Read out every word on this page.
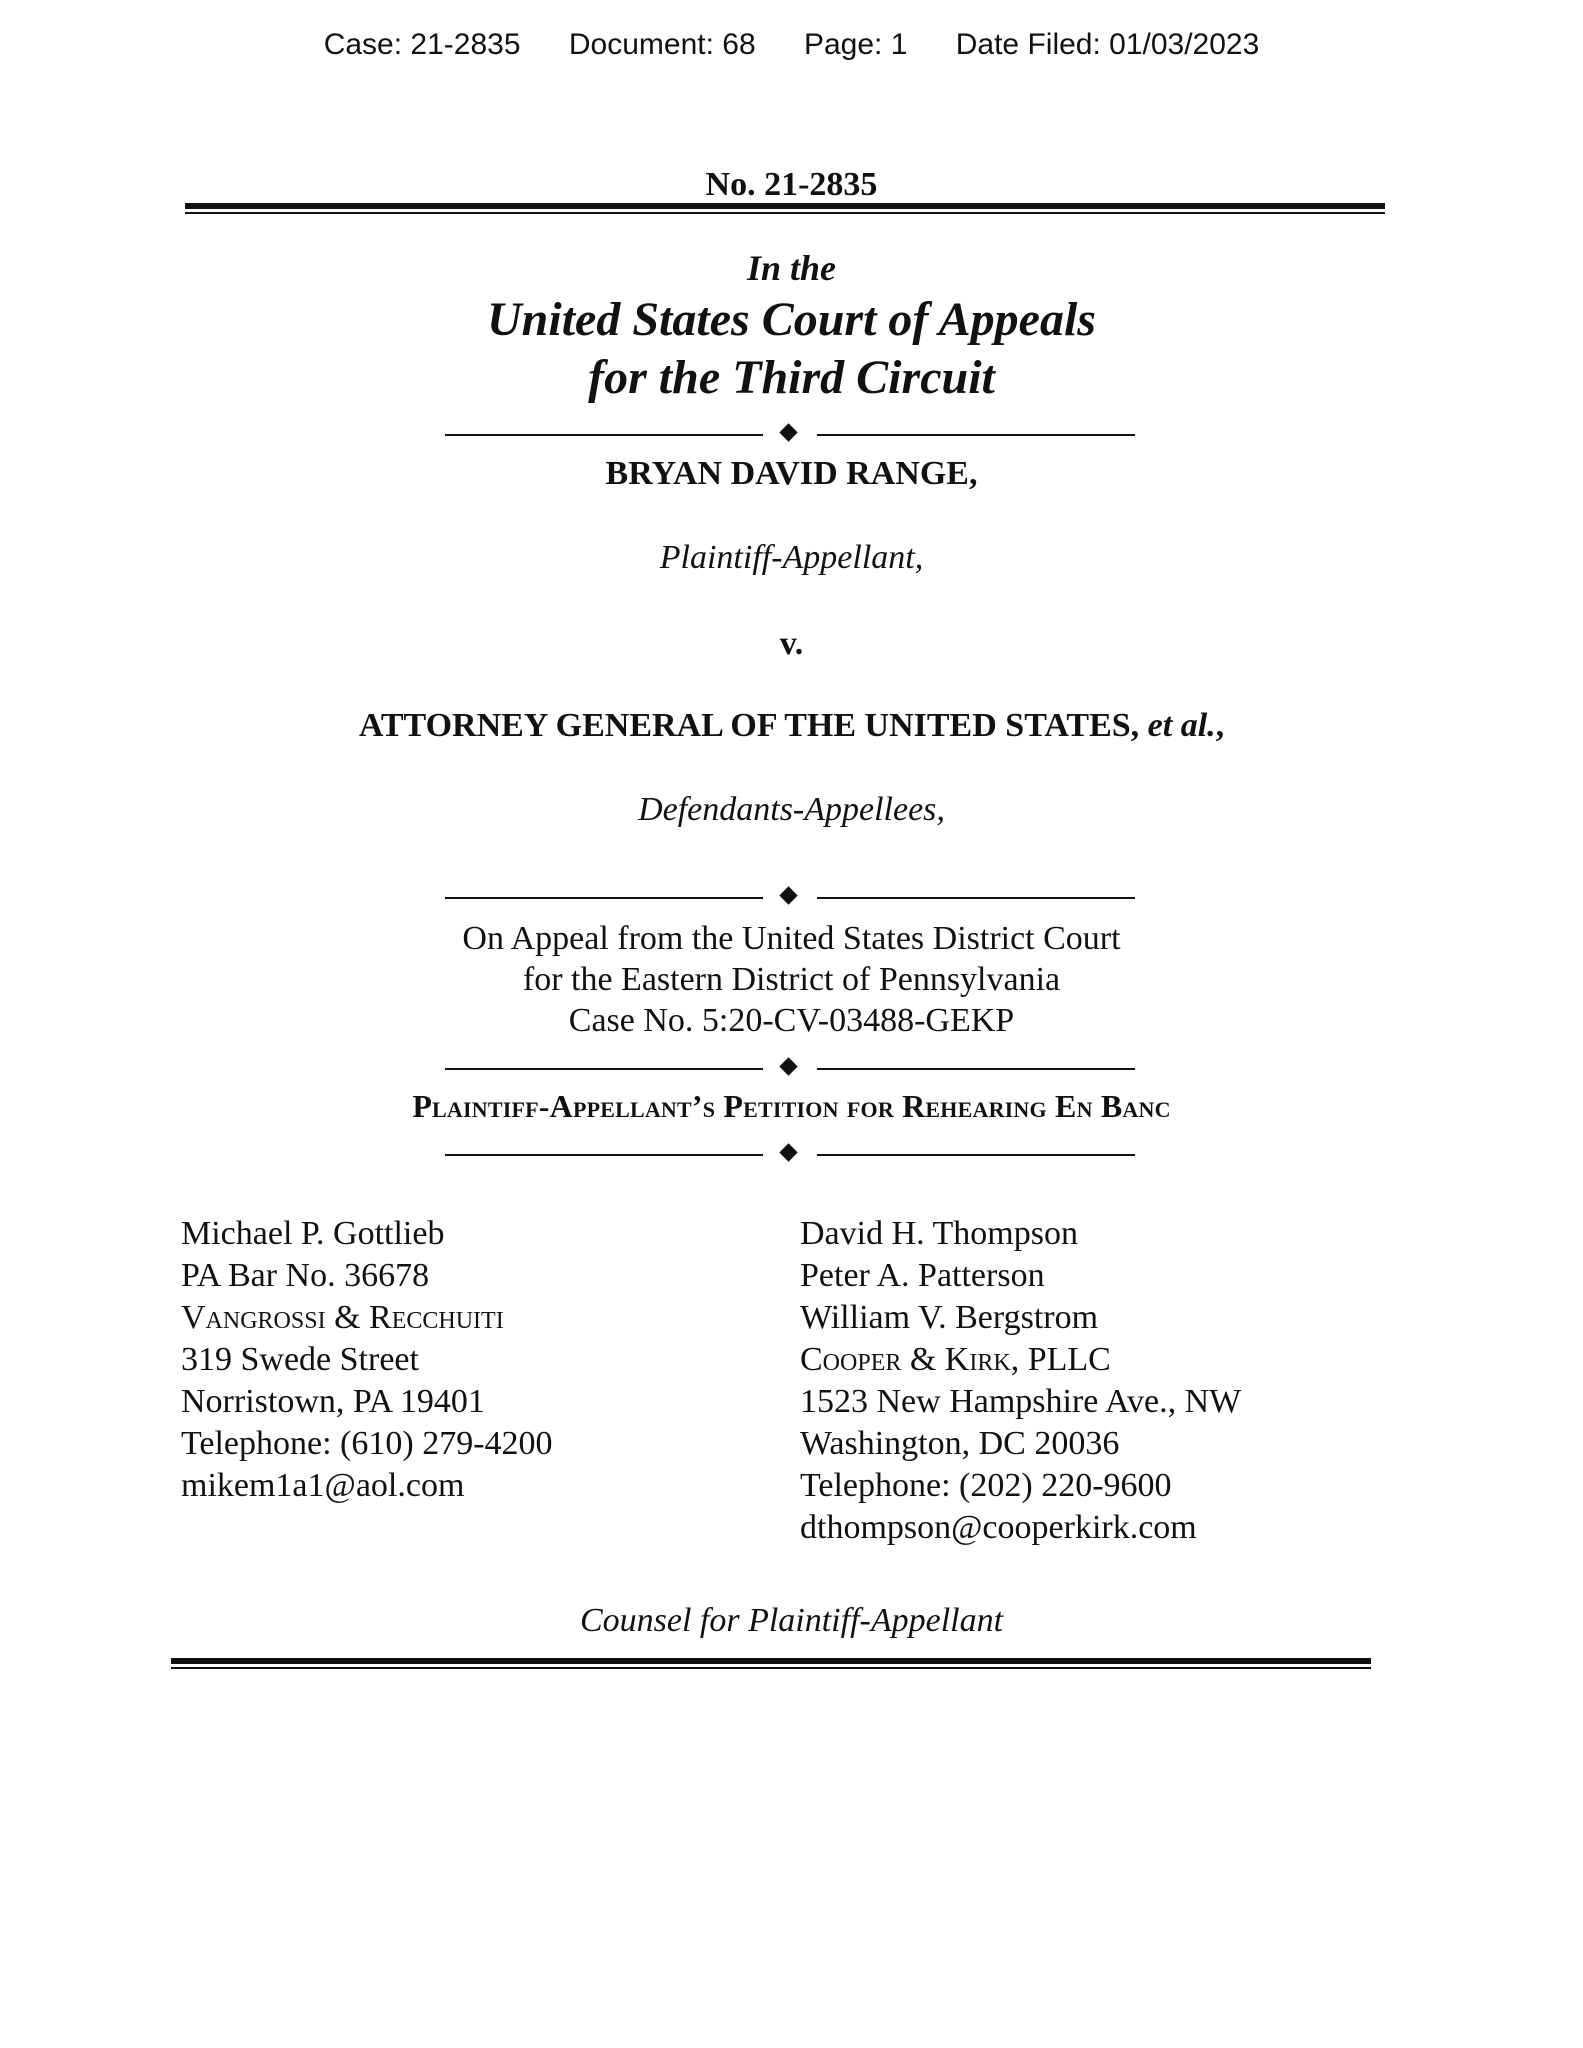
Case: 21-2835 Document: 68 Page: 1 Date Filed: 01/03/2023
No. 21-2835
In the
United States Court of Appeals
for the Third Circuit
BRYAN DAVID RANGE,
Plaintiff-Appellant,
v.
ATTORNEY GENERAL OF THE UNITED STATES, et al.,
Defendants-Appellees,
On Appeal from the United States District Court
for the Eastern District of Pennsylvania
Case No. 5:20-CV-03488-GEKP
Plaintiff-Appellant’s Petition for Rehearing En Banc
Michael P. Gottlieb
PA Bar No. 36678
Vangrossi & Recchuiti
319 Swede Street
Norristown, PA 19401
Telephone: (610) 279-4200
mikem1a1@aol.com
David H. Thompson
Peter A. Patterson
William V. Bergstrom
Cooper & Kirk, PLLC
1523 New Hampshire Ave., NW
Washington, DC 20036
Telephone: (202) 220-9600
dthompson@cooperkirk.com
Counsel for Plaintiff-Appellant
